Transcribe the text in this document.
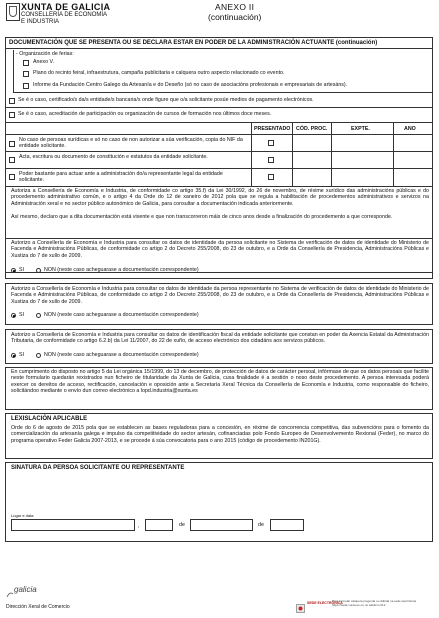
XUNTA DE GALICIA
CONSELLERÍA DE ECONOMÍA E INDUSTRIA
ANEXO II
(continuación)
DOCUMENTACIÓN QUE SE PRESENTA OU SE DECLARA ESTAR EN PODER DE LA ADMINISTRACIÓN ACTUANTE (continuación)
- Organización de ferias:
Anexo V.
Plano do recinto feiral, infraestrutura, campaña publicitaria e calquera outro aspecto relacionado co evento.
Informe da Fundación Centro Galego da Artesanía e do Deseño (só no caso de asociacións profesionais e empresariais de artesáns).
Se é o caso, certificado/s da/s entidade/s bancaria/s onde figure que o/a solicitante posúe medios de pagamento electrónicos.
Se é o caso, acreditación de participación ou organización de cursos de formación nos últimos doce meses.
PRESENTADO CÓD. PROC.	EXPTE.	ANO
No caso de persoas xurídicas e só no caso de non autorizar a súa verificación, copia do NIF da entidade solicitante.
Acta, escritura ou documento de constitución e estatutos da entidade solicitante.
Poder bastante para actuar ante a administración do/a representante legal da entidade solicitante.
Autoriza a Consellería de Economía e Industria, de conformidade co artigo 35.f) da Lei 30/1992, do 26 de novembro, de réxime xurídico das administracións públicas e do procedemento administrativo común, e o artigo 4 da Orde do 12 de xaneiro de 2012 pola que se regula a habilitación de procedementos administrativos e servizos na Administración xeral e no sector público autonómico de Galicia, para consultar a documentación indicada anteriormente.
Así mesmo, declaro que a dita documentación está vixente e que non transcorreron máis de cinco anos desde a finalización do procedemento a que corresponde.
Autorizo a Consellería de Economía e Industria para consultar os datos de identidade da persoa solicitante no Sistema de verificación de datos de identidade do Ministerio de Facenda e Administracións Públicas, de conformidade co artigo 2 do Decreto 255/2008, do 23 de outubro, e a Orde da Consellería de Presidencia, Administracións Públicas e Xustiza do 7 de xullo de 2009.
SI	NON (neste caso acheguarase a documentación correspondente)
Autorizo a Consellería de Economía e Industria para consultar os datos de identidade da persoa representante no Sistema de verificación de datos de identidade do Ministerio de Facenda e Administracións Públicas, de conformidade co artigo 2 do Decreto 255/2008, do 23 de outubro, e a Orde da Consellería de Presidencia, Administracións Públicas e Xustiza do 7 de xullo de 2009.
SI	NON (neste caso acheguarase a documentación correspondente)
Autorizo a Consellería de Economía e Industria para consultar os datos de identificación fiscal da entidade solicitante que constan en poder da Axencia Estatal da Administración Tributaria, de conformidade co artigo 6.2.b) da Lei 11/2007, do 22 de xuño, de acceso electrónico dos cidadáns aos servizos públicos.
SI	NON (neste caso acheguarase a documentación correspondente)
En cumprimento do disposto no artigo 5 da Lei orgánica 15/1999, do 13 de decembro, de protección de datos de carácter persoal, infórmase de que os datos persoais que facilite neste formulario quedarán rexistrados nun ficheiro de titularidade da Xunta de Galicia, cuxa finalidade é a xestión o noso deste procedemento. A persoa interesada poderá exercer os dereitos de acceso, rectificación, cancelación e oposición ante a Secretaría Xeral Técnica da Consellería de Economía e Industria, como responsable do ficheiro, solicitándoo mediante o envío dun correo electrónico a lopd.industria@xunta.es
LEXISLACIÓN APLICABLE
Orde do 6 de agosto de 2015 pola que se establecen as bases reguladoras para a concesión, en réxime de concorrencia competitiva, das subvencións para o fomento da comercialización da artesanía galega e impulso da competitividade do sector artesán, cofinanciadas polo Fondo Europeo de Desenvolvemento Rexional (Feder), no marco do programa operativo Feder Galicia 2007-2013, e se procede á súa convocatoria para o ano 2015 (código de procedemento IN201G).
SINATURA DA PERSOA SOLICITANTE OU REPRESENTANTE
Lugar e data
,	de	de
galicia
Dirección Xeral de Comercio
SEDE ELECTRÓNICA
Para formular calquera pregunta ou dúbida na sede electrónica https://sede.xunta.es ou no teléfono 012
